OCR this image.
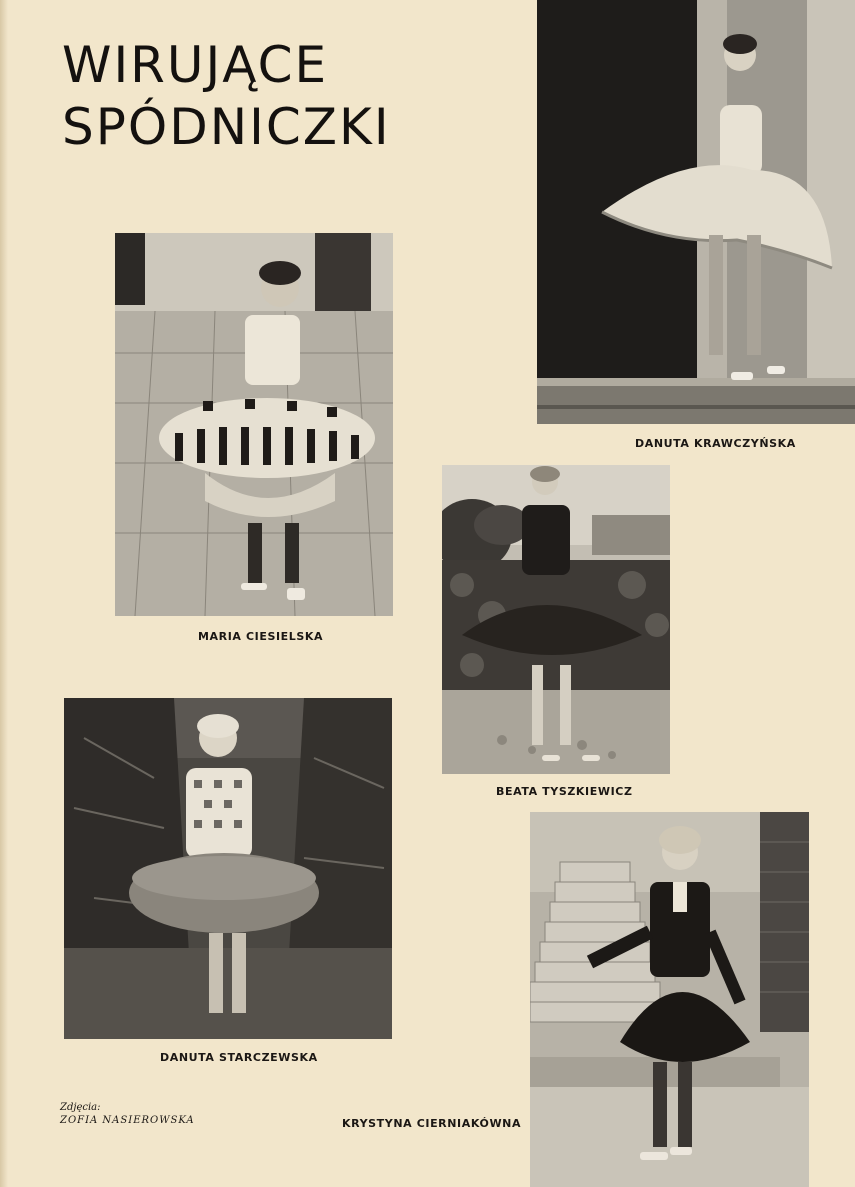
WIRUJĄCE
SPÓDNICZKI
DANUTA KRAWCZYŃSKA
MARIA CIESIELSKA
BEATA TYSZKIEWICZ
DANUTA STARCZEWSKA
KRYSTYNA CIERNIAKÓWNA
Zdjęcia:
ZOFIA NASIEROWSKA
